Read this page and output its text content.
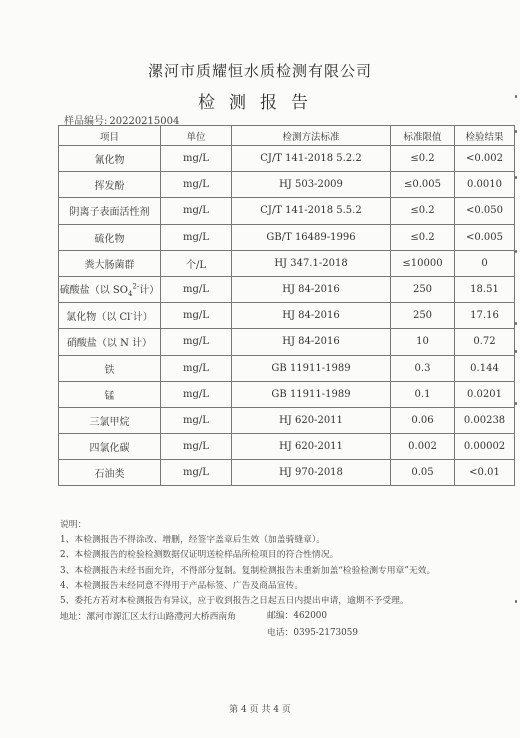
漯河市质耀恒水质检测有限公司
检测报告
样品编号: 20220215004
项目	单位	检测方法标准	标准限值	检验结果
氰化物	mg/L	CJ/T 141-2018 5.2.2	≤0.2	<0.002
挥发酚	mg/L	HJ 503-2009	≤0.005	0.0010
阴离子表面活性剂	mg/L	CJ/T 141-2018 5.5.2	≤0.2	<0.050
硫化物	mg/L	GB/T 16489-1996	≤0.2	<0.005
粪大肠菌群	个/L	HJ 347.1-2018	≤10000	0
硫酸盐（以 $SO_4^{2-}$计）	mg/L	HJ 84-2016	250	18.51
氯化物（以 Cl-计）	mg/L	HJ 84-2016	250	17.16
硝酸盐（以 N 计）	mg/L	HJ 84-2016	10	0.72
铁	mg/L	GB 11911-1989	0.3	0.144
锰	mg/L	GB 11911-1989	0.1	0.0201
三氯甲烷	mg/L	HJ 620-2011	0.06	0.00238
四氯化碳	mg/L	HJ 620-2011	0.002	0.00002
石油类	mg/L	HJ 970-2018	0.05	<0.01
说明：
1、本检测报告不得涂改、增删，经签字盖章后生效（加盖骑缝章）。
2、本检测报告的检验检测数据仅证明送检样品所检项目的符合性情况。
3、本检测报告未经书面允许，不得部分复制。复制检测报告未重新加盖“检验检测专用章”无效。
4、本检测报告未经同意不得用于产品标签、广告及商品宣传。
5、委托方若对本检测报告有异议，应于收到报告之日起五日内提出申请，逾期不予受理。
地址：漯河市源汇区太行山路澧河大桥西南角	邮编：462000
电话：0395-2173059
第 4 页 共 4 页
